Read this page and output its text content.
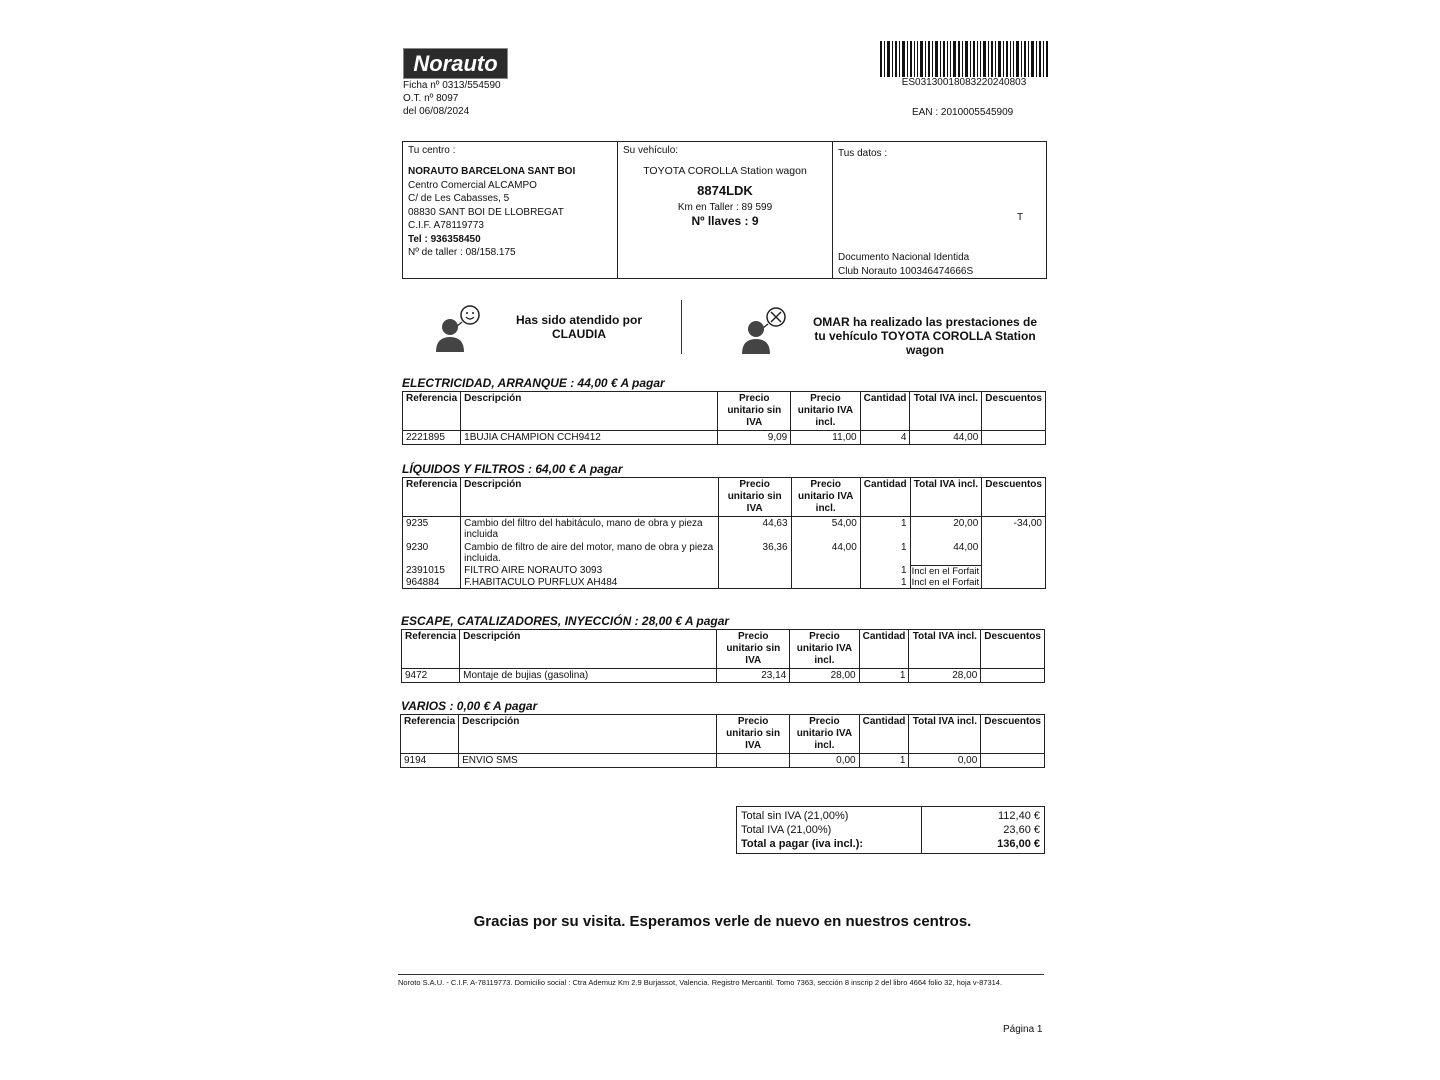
Norauto
Ficha nº 0313/554590
O.T. nº 8097
del 06/08/2024
ES03130018083220240803
EAN : 2010005545909
Tu centro :
NORAUTO BARCELONA SANT BOI
Centro Comercial ALCAMPO
C/ de Les Cabasses, 5
08830 SANT BOI DE LLOBREGAT
C.I.F. A78119773
Tel : 936358450
Nº de taller : 08/158.175
Su vehículo:
TOYOTA COROLLA Station wagon
8874LDK
Km en Taller : 89 599
Nº llaves : 9
Tus datos :
T
Documento Nacional Identida
Club Norauto 100346474666S
Has sido atendido por CLAUDIA
OMAR ha realizado las prestaciones de tu vehículo TOYOTA COROLLA Station wagon
ELECTRICIDAD, ARRANQUE : 44,00 € A pagar
Referencia	Descripción	Precio unitario sin IVA	Precio unitario IVA incl.	Cantidad	Total IVA incl.	Descuentos
2221895	1BUJIA CHAMPION CCH9412	9,09	11,00	4	44,00	
LÍQUIDOS Y FILTROS : 64,00 € A pagar
Referencia	Descripción	Precio unitario sin IVA	Precio unitario IVA incl.	Cantidad	Total IVA incl.	Descuentos
9235	Cambio del filtro del habitáculo, mano de obra y pieza incluida	44,63	54,00	1	20,00	-34,00
9230	Cambio de filtro de aire del motor, mano de obra y pieza incluida.	36,36	44,00	1	44,00	
2391015	FILTRO AIRE NORAUTO 3093			1	Incl en el Forfait	
964884	F.HABITACULO PURFLUX AH484			1	Incl en el Forfait	
ESCAPE, CATALIZADORES, INYECCIÓN : 28,00 € A pagar
Referencia	Descripción	Precio unitario sin IVA	Precio unitario IVA incl.	Cantidad	Total IVA incl.	Descuentos
9472	Montaje de bujias (gasolina)	23,14	28,00	1	28,00	
VARIOS : 0,00 € A pagar
Referencia	Descripción	Precio unitario sin IVA	Precio unitario IVA incl.	Cantidad	Total IVA incl.	Descuentos
9194	ENVIO SMS		0,00	1	0,00	
Total sin IVA (21,00%)	112,40 €
Total IVA (21,00%)	23,60 €
Total a pagar (iva incl.):	136,00 €
Gracias por su visita. Esperamos verle de nuevo en nuestros centros.
Noroto S.A.U. - C.I.F. A-78119773. Domicilio social : Ctra Ademuz Km 2.9 Burjassot, Valencia. Registro Mercantil. Tomo 7363, sección 8 inscrip 2 del libro 4664 folio 32, hoja v-87314.
Página 1
